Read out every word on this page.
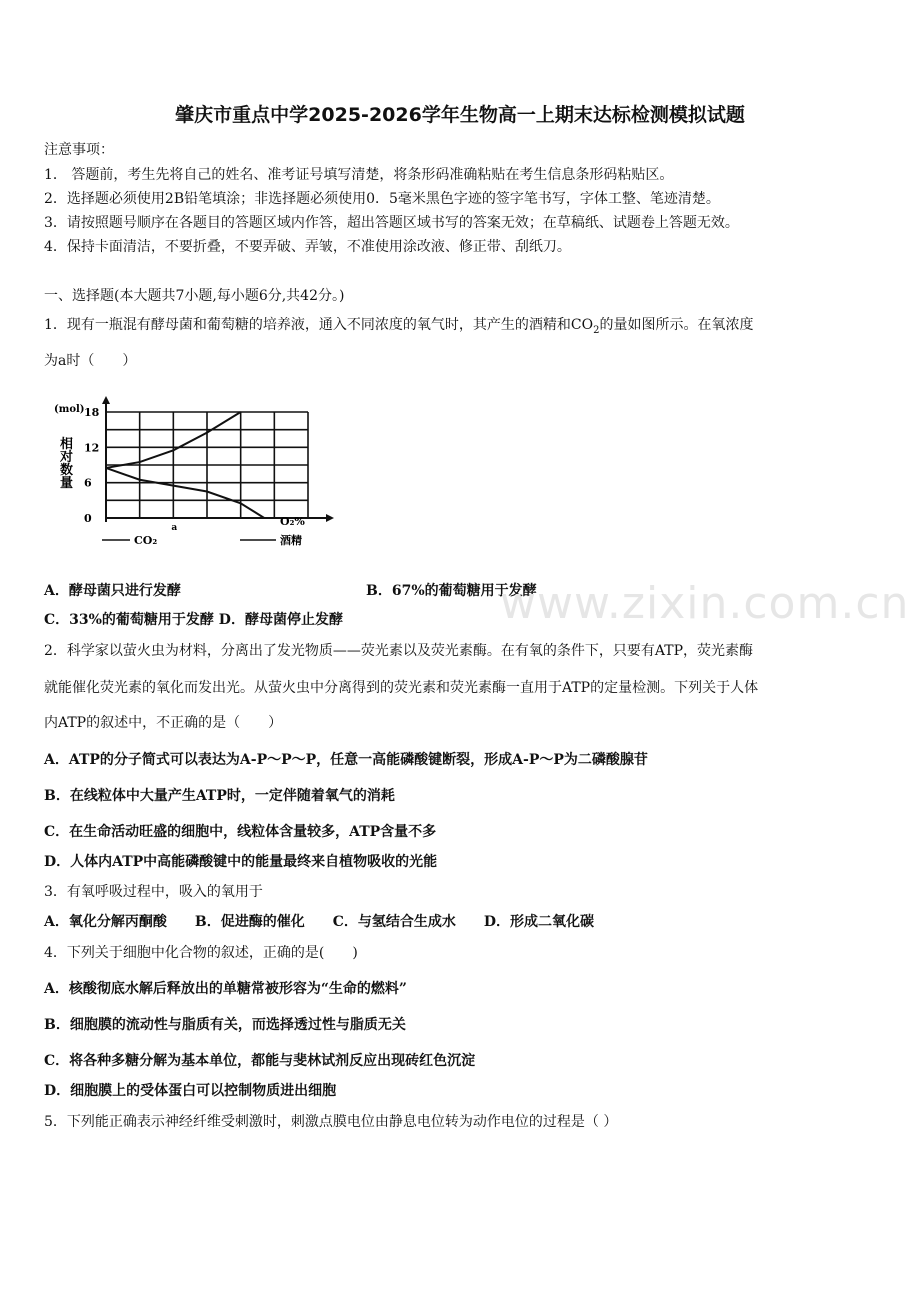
肇庆市重点中学2025-2026学年生物高一上期末达标检测模拟试题
注意事项：
1． 答题前，考生先将自己的姓名、准考证号填写清楚，将条形码准确粘贴在考生信息条形码粘贴区。
2．选择题必须使用2B铅笔填涂；非选择题必须使用0．5毫米黑色字迹的签字笔书写，字体工整、笔迹清楚。
3．请按照题号顺序在各题目的答题区域内作答，超出答题区域书写的答案无效；在草稿纸、试题卷上答题无效。
4．保持卡面清洁，不要折叠，不要弄破、弄皱，不准使用涂改液、修正带、刮纸刀。
一、选择题(本大题共7小题,每小题6分,共42分。)
1．现有一瓶混有酵母菌和葡萄糖的培养液，通入不同浓度的氧气时，其产生的酒精和$CO_2$的量如图所示。在氧浓度
为a时（　　）
(mol) 18
12
6
0
相对数量
O₂%
a
CO₂	酒精
A．酵母菌只进行发酵	B．67%的葡萄糖用于发酵
C．33%的葡萄糖用于发酵 D．酵母菌停止发酵	www.zixin.com.cn
2．科学家以萤火虫为材料，分离出了发光物质——荧光素以及荧光素酶。在有氧的条件下，只要有ATP，荧光素酶
就能催化荧光素的氧化而发出光。从萤火虫中分离得到的荧光素和荧光素酶一直用于ATP的定量检测。下列关于人体
内ATP的叙述中，不正确的是（　　）
A．ATP的分子简式可以表达为A-P～P～P，任意一高能磷酸键断裂，形成A-P～P为二磷酸腺苷
B．在线粒体中大量产生ATP时，一定伴随着氧气的消耗
C．在生命活动旺盛的细胞中，线粒体含量较多，ATP含量不多
D．人体内ATP中高能磷酸键中的能量最终来自植物吸收的光能
3．有氧呼吸过程中，吸入的氧用于
A．氧化分解丙酮酸　　B．促进酶的催化　　C．与氢结合生成水　　D．形成二氧化碳
4．下列关于细胞中化合物的叙述，正确的是(　　)
A．核酸彻底水解后释放出的单糖常被形容为“生命的燃料”
B．细胞膜的流动性与脂质有关，而选择透过性与脂质无关
C．将各种多糖分解为基本单位，都能与斐林试剂反应出现砖红色沉淀
D．细胞膜上的受体蛋白可以控制物质进出细胞
5．下列能正确表示神经纤维受刺激时，刺激点膜电位由静息电位转为动作电位的过程是（ ）
